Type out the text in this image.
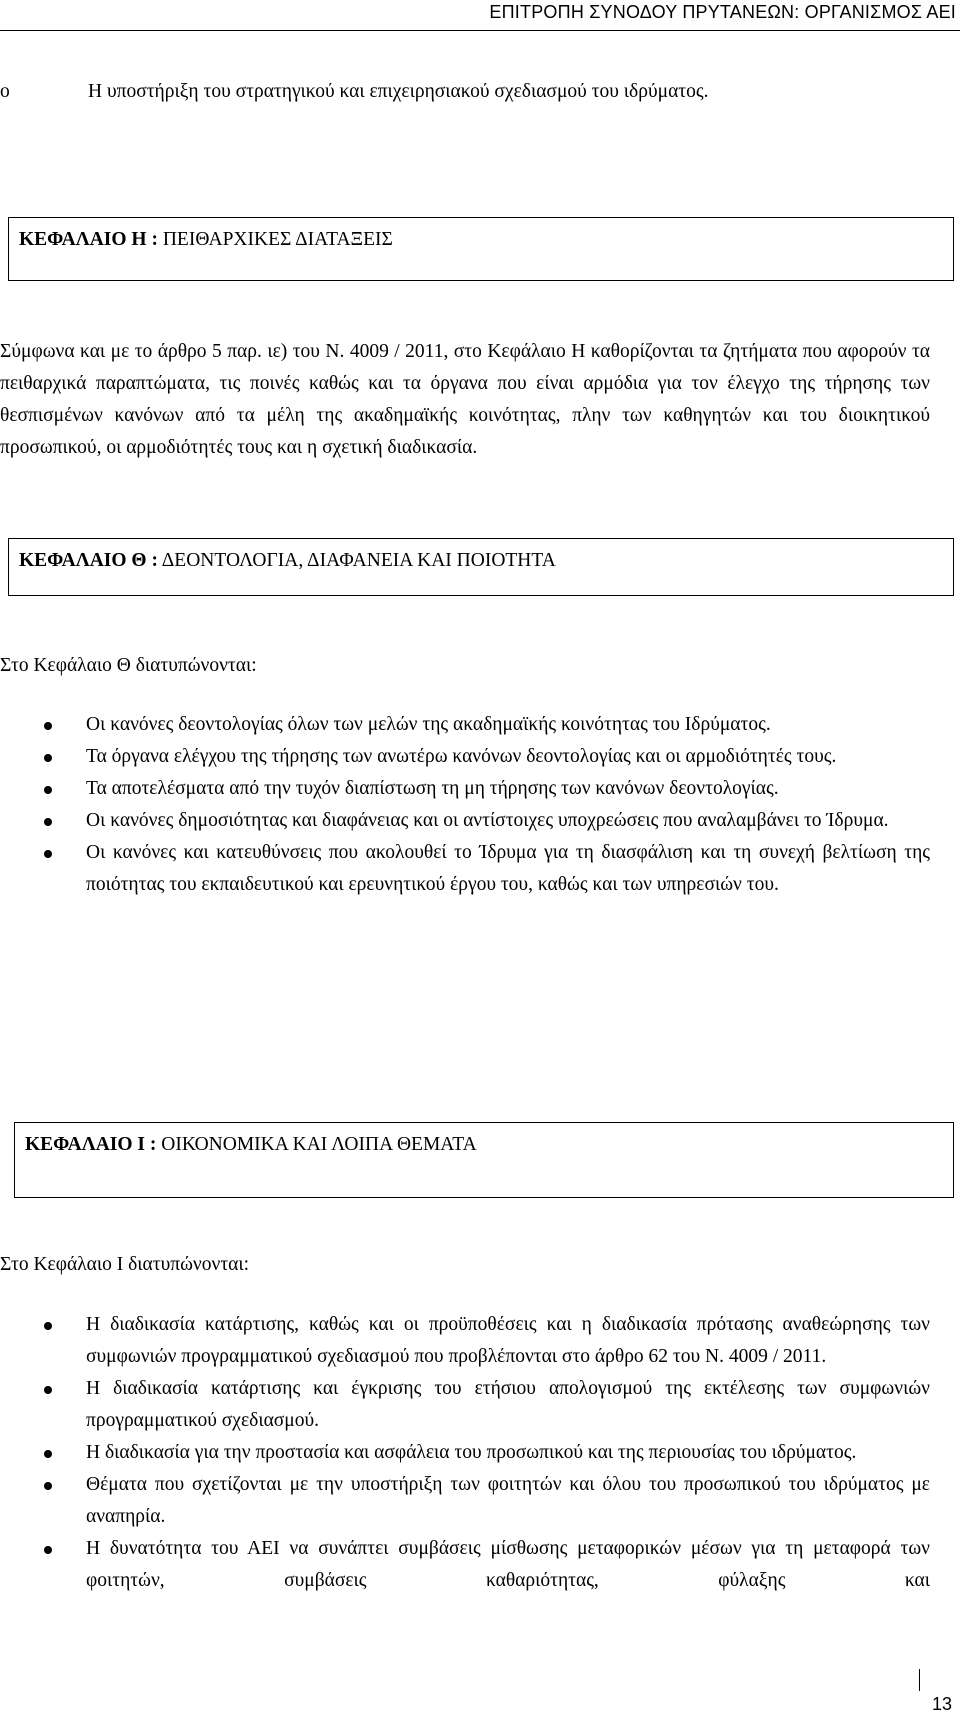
ΕΠΙΤΡΟΠΗ ΣΥΝΟΔΟΥ ΠΡΥΤΑΝΕΩΝ: ΟΡΓΑΝΙΣΜΟΣ ΑΕΙ
o	Η υποστήριξη του στρατηγικού και επιχειρησιακού σχεδιασμού του ιδρύματος.

ΚΕΦΑΛΑΙΟ Η : ΠΕΙΘΑΡΧΙΚΕΣ ΔΙΑΤΑΞΕΙΣ

Σύμφωνα και με το άρθρο 5 παρ. ιε) του Ν. 4009 / 2011, στο Κεφάλαιο Η καθορίζονται τα ζητήματα που αφορούν τα πειθαρχικά παραπτώματα, τις ποινές καθώς και τα όργανα που είναι αρμόδια για τον έλεγχο της τήρησης των θεσπισμένων κανόνων από τα μέλη της ακαδημαϊκής κοινότητας, πλην των καθηγητών και του διοικητικού προσωπικού, οι αρμοδιότητές τους και η σχετική διαδικασία.

ΚΕΦΑΛΑΙΟ Θ : ΔΕΟΝΤΟΛΟΓΙΑ, ΔΙΑΦΑΝΕΙΑ ΚΑΙ ΠΟΙΟΤΗΤΑ
Στο Κεφάλαιο Θ διατυπώνονται:

Οι κανόνες δεοντολογίας όλων των μελών της ακαδημαϊκής κοινότητας του Ιδρύματος.

Τα όργανα ελέγχου της τήρησης των ανωτέρω κανόνων δεοντολογίας και οι αρμοδιότητές τους.

Τα αποτελέσματα από την τυχόν διαπίστωση τη μη τήρησης των κανόνων δεοντολογίας.

Οι κανόνες δημοσιότητας και διαφάνειας και οι αντίστοιχες υποχρεώσεις που αναλαμβάνει το Ίδρυμα.

Οι κανόνες και κατευθύνσεις που ακολουθεί το Ίδρυμα για τη διασφάλιση και τη συνεχή βελτίωση της ποιότητας του εκπαιδευτικού και ερευνητικού έργου του, καθώς και των υπηρεσιών του.

ΚΕΦΑΛΑΙΟ Ι : ΟΙΚΟΝΟΜΙΚΑ ΚΑΙ ΛΟΙΠΑ ΘΕΜΑΤΑ
Στο Κεφάλαιο Ι διατυπώνονται:

Η διαδικασία κατάρτισης, καθώς και οι προϋποθέσεις και η διαδικασία πρότασης αναθεώρησης των συμφωνιών προγραμματικού σχεδιασμού που προβλέπονται στο άρθρο 62 του Ν. 4009 / 2011.

Η διαδικασία κατάρτισης και έγκρισης του ετήσιου απολογισμού της εκτέλεσης των συμφωνιών προγραμματικού σχεδιασμού.

Η διαδικασία για την προστασία και ασφάλεια του προσωπικού και της περιουσίας του ιδρύματος.

Θέματα που σχετίζονται με την υποστήριξη των φοιτητών και όλου του προσωπικού του ιδρύματος με αναπηρία.

Η δυνατότητα του ΑΕΙ να συνάπτει συμβάσεις μίσθωσης μεταφορικών μέσων για τη μεταφορά των φοιτητών, συμβάσεις καθαριότητας, φύλαξης και

13
